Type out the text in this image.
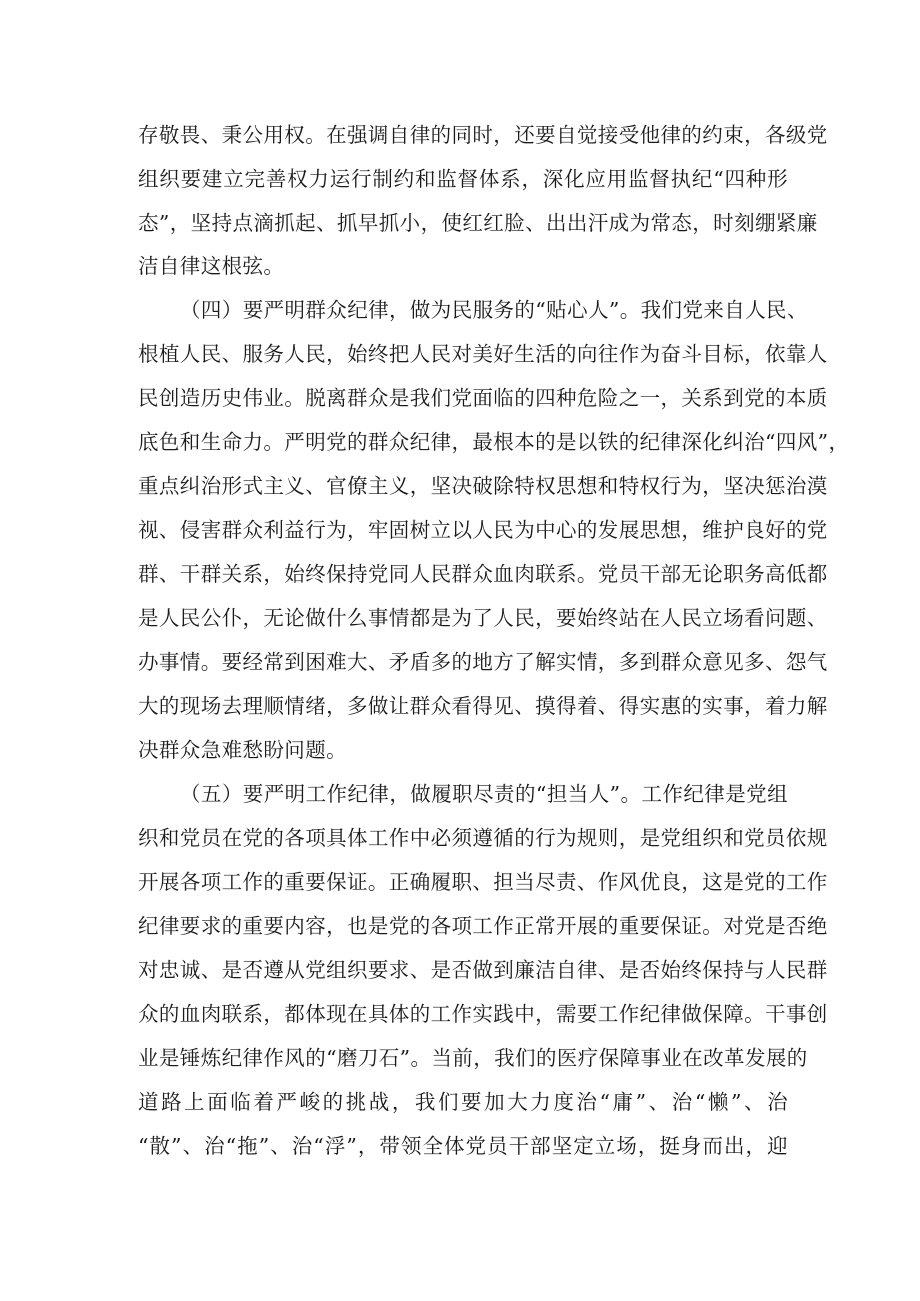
存敬畏、秉公用权。在强调自律的同时，还要自觉接受他律的约束，各级党
组织要建立完善权力运行制约和监督体系，深化应用监督执纪“四种形
态”，坚持点滴抓起、抓早抓小，使红红脸、出出汗成为常态，时刻绷紧廉
洁自律这根弦。
（四）要严明群众纪律，做为民服务的“贴心人”。我们党来自人民、
根植人民、服务人民，始终把人民对美好生活的向往作为奋斗目标，依靠人
民创造历史伟业。脱离群众是我们党面临的四种危险之一，关系到党的本质
底色和生命力。严明党的群众纪律，最根本的是以铁的纪律深化纠治“四风”，
重点纠治形式主义、官僚主义，坚决破除特权思想和特权行为，坚决惩治漠
视、侵害群众利益行为，牢固树立以人民为中心的发展思想，维护良好的党
群、干群关系，始终保持党同人民群众血肉联系。党员干部无论职务高低都
是人民公仆，无论做什么事情都是为了人民，要始终站在人民立场看问题、
办事情。要经常到困难大、矛盾多的地方了解实情，多到群众意见多、怨气
大的现场去理顺情绪，多做让群众看得见、摸得着、得实惠的实事，着力解
决群众急难愁盼问题。
（五）要严明工作纪律，做履职尽责的“担当人”。工作纪律是党组
织和党员在党的各项具体工作中必须遵循的行为规则，是党组织和党员依规
开展各项工作的重要保证。正确履职、担当尽责、作风优良，这是党的工作
纪律要求的重要内容，也是党的各项工作正常开展的重要保证。对党是否绝
对忠诚、是否遵从党组织要求、是否做到廉洁自律、是否始终保持与人民群
众的血肉联系，都体现在具体的工作实践中，需要工作纪律做保障。干事创
业是锤炼纪律作风的“磨刀石”。当前，我们的医疗保障事业在改革发展的
道路上面临着严峻的挑战，我们要加大力度治“庸”、治“懒”、治
“散”、治“拖”、治“浮”，带领全体党员干部坚定立场，挺身而出，迎
